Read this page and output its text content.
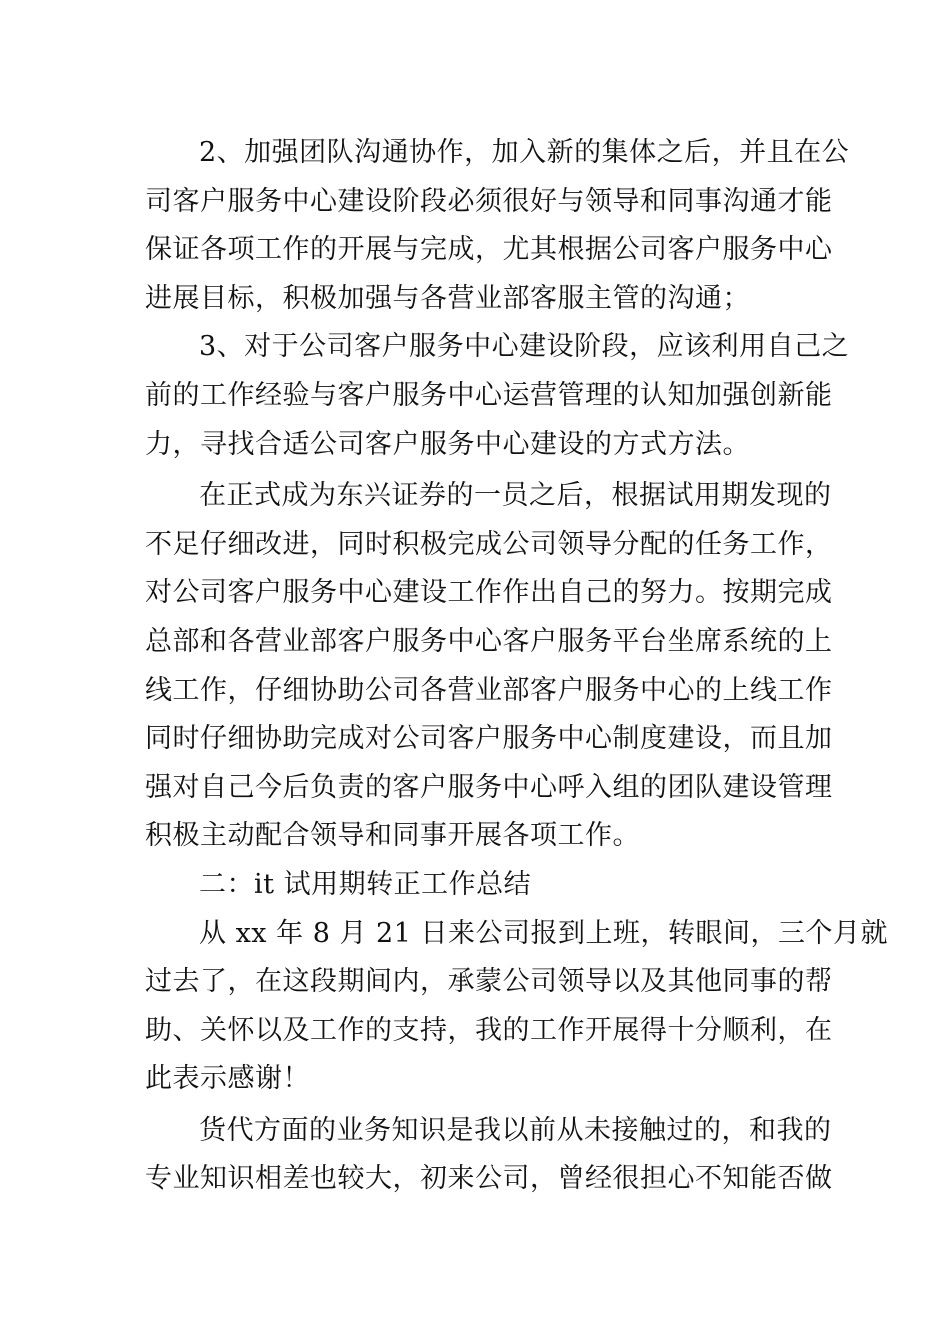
2、加强团队沟通协作，加入新的集体之后，并且在公
司客户服务中心建设阶段必须很好与领导和同事沟通才能
保证各项工作的开展与完成，尤其根据公司客户服务中心
进展目标，积极加强与各营业部客服主管的沟通；
3、对于公司客户服务中心建设阶段，应该利用自己之
前的工作经验与客户服务中心运营管理的认知加强创新能
力，寻找合适公司客户服务中心建设的方式方法。
在正式成为东兴证券的一员之后，根据试用期发现的
不足仔细改进，同时积极完成公司领导分配的任务工作，
对公司客户服务中心建设工作作出自己的努力。按期完成
总部和各营业部客户服务中心客户服务平台坐席系统的上
线工作，仔细协助公司各营业部客户服务中心的上线工作
同时仔细协助完成对公司客户服务中心制度建设，而且加
强对自己今后负责的客户服务中心呼入组的团队建设管理
积极主动配合领导和同事开展各项工作。
二：it 试用期转正工作总结
从 xx 年 8 月 21 日来公司报到上班，转眼间，三个月就
过去了，在这段期间内，承蒙公司领导以及其他同事的帮
助、关怀以及工作的支持，我的工作开展得十分顺利，在
此表示感谢！
货代方面的业务知识是我以前从未接触过的，和我的
专业知识相差也较大，初来公司，曾经很担心不知能否做
